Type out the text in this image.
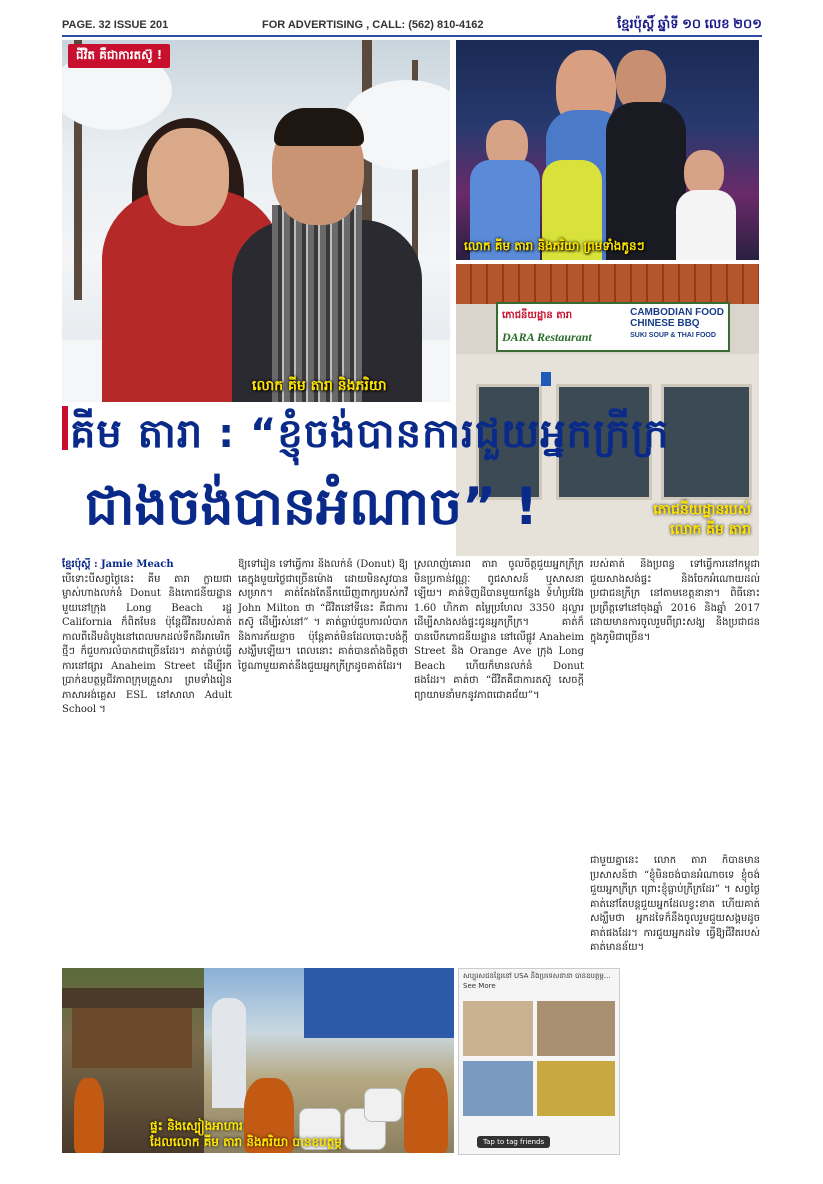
PAGE. 32 ISSUE 201	FOR ADVERTISING , CALL: (562) 810-4162	ខ្មែរប៉ុស្ដិ៍ ឆ្នាំទី ១០ លេខ ២០១
ជីវិត គឺជាការតស៊ូ !
លោក គីម តារា និងភរិយា
លោក គីម តារា និងភរិយា ព្រមទាំងកូនៗ
ភោជនីយដ្ឋាន តារា	CAMBODIAN FOOD
CHINESE BBQ
SUKI SOUP & THAI FOOD
DARA Restaurant
ភោជនីយដ្ឋានរបស់
លោក គីម តារា
គីម តារា : “ខ្ញុំចង់បានការជួយអ្នកក្រីក្រ
ជាងចង់បានអំណាច” !
ខ្មែរប៉ុស្ដិ៍ : Jamie Meach
បើទោះបីសព្វថ្ងៃនេះ គីម តារា ក្លាយជាម្ចាស់ហាងលក់នំ Donut និងភោជនីយដ្ឋានមួយនៅក្រុង Long Beach រដ្ឋ California ក៏ពិតមែន ប៉ុន្តែជីវិតរបស់គាត់កាលពីដើមដំបូងនៅពេលមកដល់ទឹកដីអាមេរិកថ្មីៗ ក៏ជួបការលំបាកជាច្រើនដែរ។ គាត់ធ្លាប់ធ្វើការនៅផ្សារ Anaheim Street ដើម្បីរកប្រាក់ឧបត្ថម្ភជីវភាពក្រុមគ្រួសារ ព្រមទាំងរៀនភាសាអង់គ្លេស ESL នៅសាលា Adult School ។
ឱ្យទៅរៀន ទៅធ្វើការ និងលក់នំ (Donut) ឱ្យគេក្នុងមួយថ្ងៃជាច្រើនម៉ោង ដោយមិនសូវបានសម្រាក។ គាត់តែងតែនឹកឃើញពាក្យរបស់កវី John Milton ថា “ជីវិតនៅទីនេះ គឺជាការតស៊ូ ដើម្បីរស់នៅ” ។ គាត់ធ្លាប់ជួបការលំបាក និងការភ័យខ្លាច ប៉ុន្តែគាត់មិនដែលបោះបង់ក្ដីសង្ឃឹមឡើយ។ ពេលនោះ គាត់បានតាំងចិត្តថា ថ្ងៃណាមួយគាត់នឹងជួយអ្នកក្រីក្រដូចគាត់ដែរ។
ស្រលាញ់គោរព តារា ចូលចិត្តជួយអ្នកក្រីក្រ មិនប្រកាន់វណ្ណៈ ពូជសាសន៍ ឬសាសនាឡើយ។ គាត់ទិញដីបានមួយកន្លែង ទំហំប្រវែង 1.60 ហិកតា តម្លៃប្រហែល 3350 ដុល្លារ ដើម្បីសាងសង់ផ្ទះជូនអ្នកក្រីក្រ។ គាត់ក៏បានបើកភោជនីយដ្ឋាន នៅលើផ្លូវ Anaheim Street និង Orange Ave ក្រុង Long Beach ហើយក៏មានលក់នំ Donut ផងដែរ។ គាត់ថា “ជីវិតគឺជាការតស៊ូ សេចក្ដីព្យាយាមនាំមកនូវភាពជោគជ័យ”។
របស់គាត់ និងប្រពន្ធ ទៅធ្វើការនៅកម្ពុជា ជួយសាងសង់ផ្ទះ និងចែកអំណោយដល់ប្រជាជនក្រីក្រ នៅតាមខេត្តនានា។ ពិធីនោះប្រព្រឹត្តទៅនៅចុងឆ្នាំ 2016 និងឆ្នាំ 2017 ដោយមានការចូលរួមពីព្រះសង្ឃ និងប្រជាជនក្នុងភូមិជាច្រើន។
ជាមួយគ្នានេះ លោក តារា ក៏បានមានប្រសាសន៍ថា “ខ្ញុំមិនចង់បានអំណាចទេ ខ្ញុំចង់ជួយអ្នកក្រីក្រ ព្រោះខ្ញុំធ្លាប់ក្រីក្រដែរ” ។ សព្វថ្ងៃ គាត់នៅតែបន្តជួយអ្នកដែលខ្វះខាត ហើយគាត់សង្ឃឹមថា អ្នកដទៃក៏នឹងចូលរួមជួយសង្គមដូចគាត់ផងដែរ។ ការជួយអ្នកដទៃ ធ្វើឱ្យជីវិតរបស់គាត់មានន័យ។
សប្បុរសជនខ្មែរនៅ USA និងប្រទេសនានា បានឧបត្ថម្ភ... See More
Tap to tag friends
ផ្ទះ និងស្បៀងអាហារ
ដែលលោក គីម តារា និងភរិយា បានឧបត្ថម្ភ
